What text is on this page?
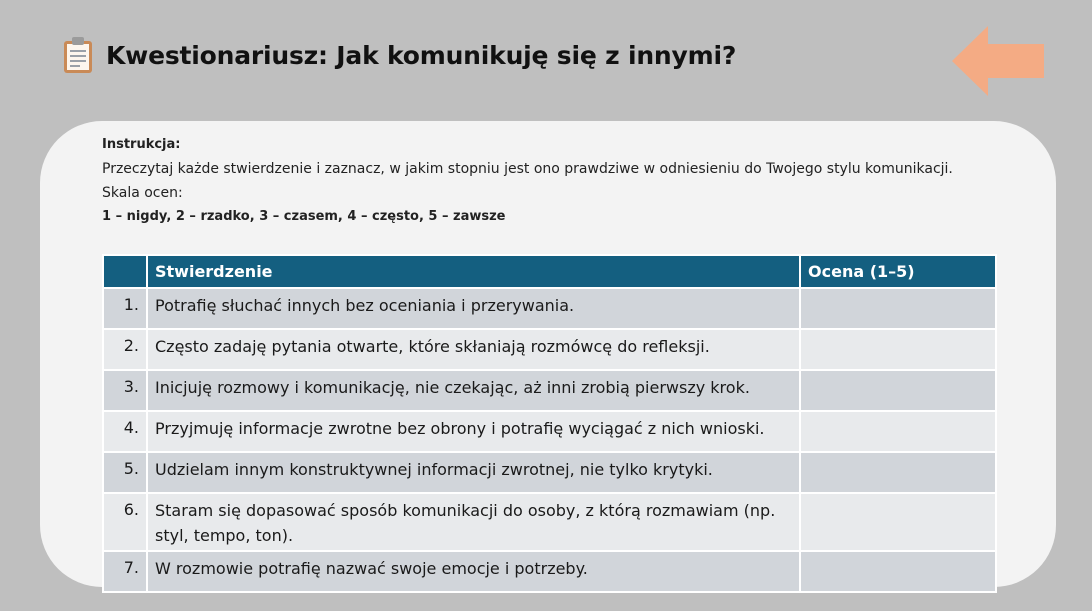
Kwestionariusz: Jak komunikuję się z innymi?
Instrukcja:
Przeczytaj każde stwierdzenie i zaznacz, w jakim stopniu jest ono prawdziwe w odniesieniu do Twojego stylu komunikacji. Skala ocen:
1 – nigdy, 2 – rzadko, 3 – czasem, 4 – często, 5 – zawsze
	Stwierdzenie	Ocena (1–5)
1.	Potrafię słuchać innych bez oceniania i przerywania.	
2.	Często zadaję pytania otwarte, które skłaniają rozmówcę do refleksji.	
3.	Inicjuję rozmowy i komunikację, nie czekając, aż inni zrobią pierwszy krok.	
4.	Przyjmuję informacje zwrotne bez obrony i potrafię wyciągać z nich wnioski.	
5.	Udzielam innym konstruktywnej informacji zwrotnej, nie tylko krytyki.	
6.	Staram się dopasować sposób komunikacji do osoby, z którą rozmawiam (np. styl, tempo, ton).	
7.	W rozmowie potrafię nazwać swoje emocje i potrzeby.	
